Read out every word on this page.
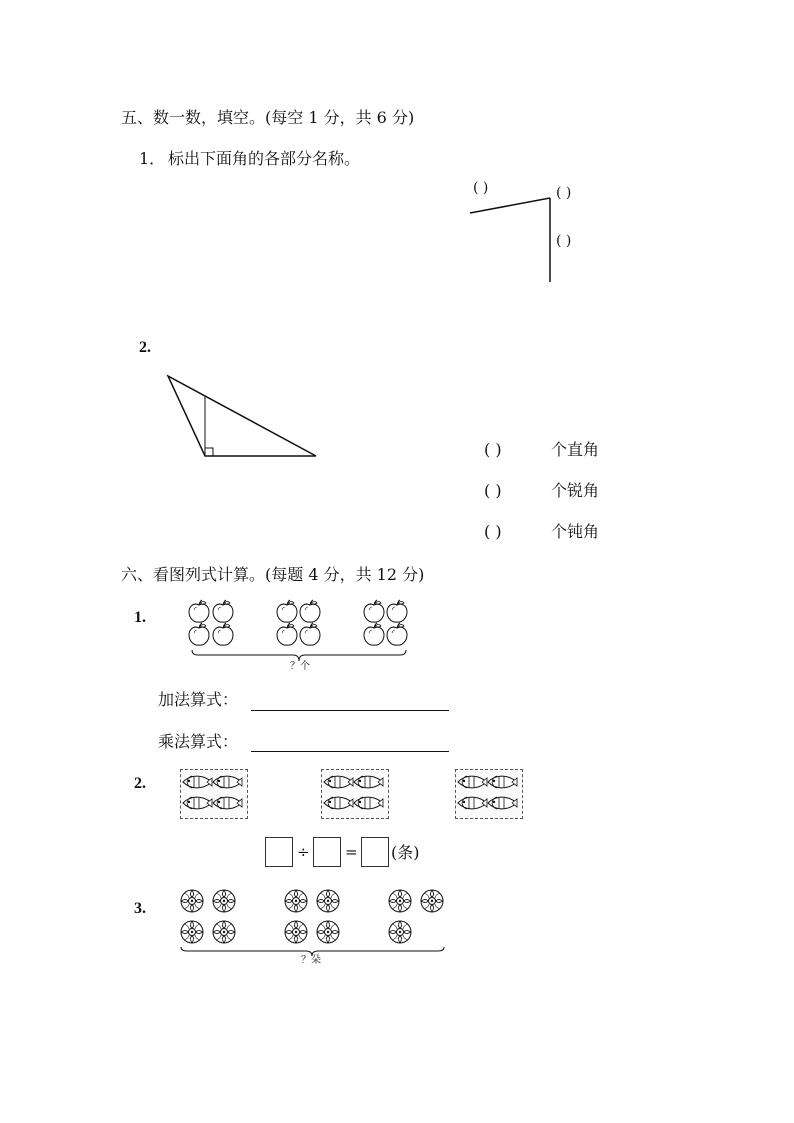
五、数一数，填空。(每空 1 分，共 6 分)
1． 标出下面角的各部分名称。
( )	( )
( )
2.
( )	个直角
( )	个锐角
( )	个钝角
六、看图列式计算。(每题 4 分，共 12 分)
1.
？个
加法算式：
乘法算式：
2.
÷ = (条)
3.
？朵
